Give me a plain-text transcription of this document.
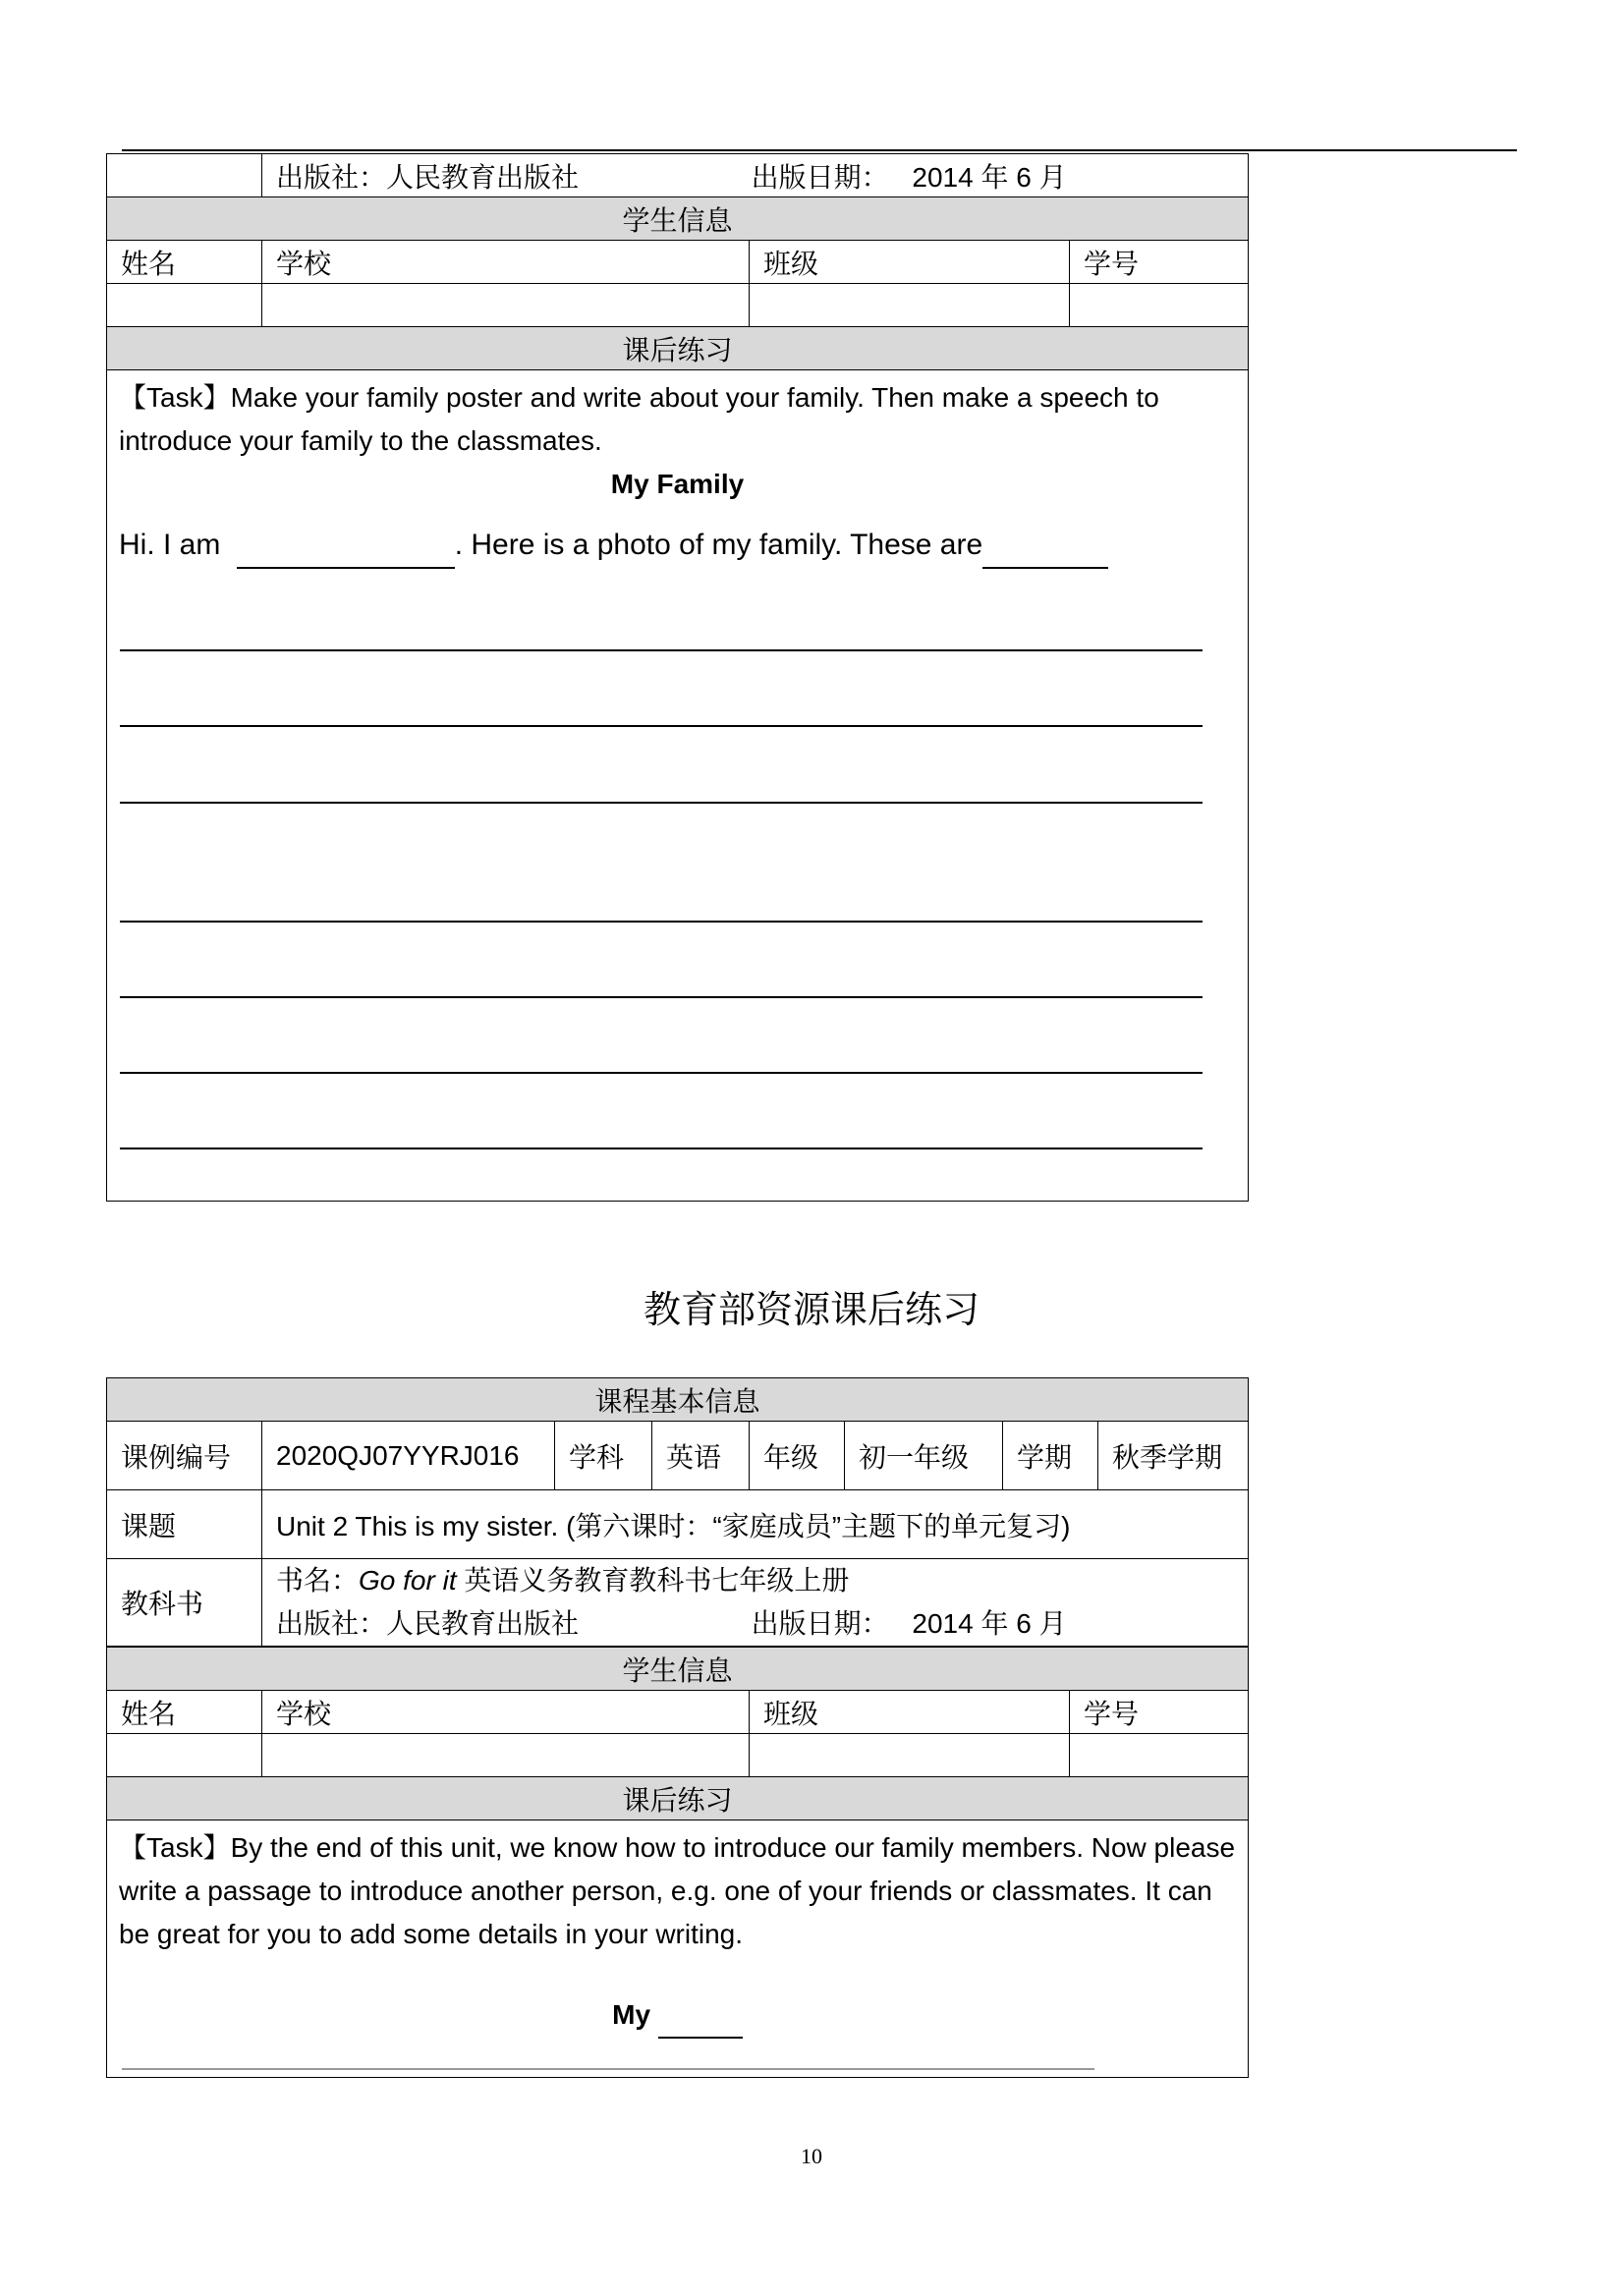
	出版社：人民教育出版社 出版日期： 2014 年 6 月		
学生信息			
姓名	学校	班级	学号

课后练习			

【Task】Make your family poster and write about your family. Then make a speech to introduce your family to the classmates.

My Family

Hi. I am . Here is a photo of my family. These are			

教育部资源课后练习
课程基本信息							
课例编号	2020QJ07YYRJ016	学科	英语	年级	初一年级	学期	秋季学期
课题	Unit 2 This is my sister. (第六课时：“家庭成员”主题下的单元复习)						
教科书	书名：Go for it 英语义务教育教科书七年级上册
出版社：人民教育出版社 出版日期： 2014 年 6 月						
学生信息			
姓名	学校	班级	学号

课后练习			

【Task】By the end of this unit, we know how to introduce our family members. Now please write a passage to introduce another person, e.g. one of your friends or classmates. It can be great for you to add some details in your writing.

My			

10
